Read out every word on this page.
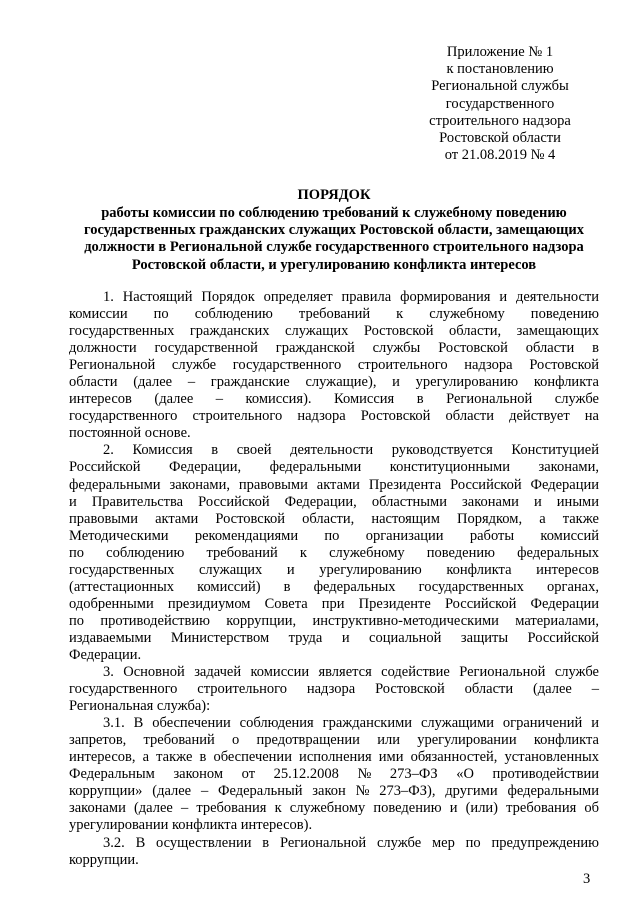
Приложение № 1
к постановлению
Региональной службы
государственного
строительного надзора
Ростовской области
от 21.08.2019 № 4
ПОРЯДОК
работы комиссии по соблюдению требований к служебному поведению
государственных гражданских служащих Ростовской области, замещающих
должности в Региональной службе государственного строительного надзора
Ростовской области, и урегулированию конфликта интересов
1. Настоящий Порядок определяет правила формирования и деятельности
комиссии по соблюдению требований к служебному поведению
государственных гражданских служащих Ростовской области, замещающих
должности государственной гражданской службы Ростовской области в
Региональной службе государственного строительного надзора Ростовской
области (далее – гражданские служащие), и урегулированию конфликта
интересов (далее – комиссия). Комиссия в Региональной службе
государственного строительного надзора Ростовской области действует на
постоянной основе.
2. Комиссия в своей деятельности руководствуется Конституцией
Российской Федерации, федеральными конституционными законами,
федеральными законами, правовыми актами Президента Российской Федерации
и Правительства Российской Федерации, областными законами и иными
правовыми актами Ростовской области, настоящим Порядком, а также
Методическими рекомендациями по организации работы комиссий
по соблюдению требований к служебному поведению федеральных
государственных служащих и урегулированию конфликта интересов
(аттестационных комиссий) в федеральных государственных органах,
одобренными президиумом Совета при Президенте Российской Федерации
по противодействию коррупции, инструктивно-методическими материалами,
издаваемыми Министерством труда и социальной защиты Российской
Федерации.
3. Основной задачей комиссии является содействие Региональной службе
государственного строительного надзора Ростовской области (далее –
Региональная служба):
3.1. В обеспечении соблюдения гражданскими служащими ограничений и
запретов, требований о предотвращении или урегулировании конфликта
интересов, а также в обеспечении исполнения ими обязанностей, установленных
Федеральным законом от 25.12.2008 № 273–ФЗ «О противодействии
коррупции» (далее – Федеральный закон № 273–ФЗ), другими федеральными
законами (далее – требования к служебному поведению и (или) требования об
урегулировании конфликта интересов).
3.2. В осуществлении в Региональной службе мер по предупреждению
коррупции.
3
